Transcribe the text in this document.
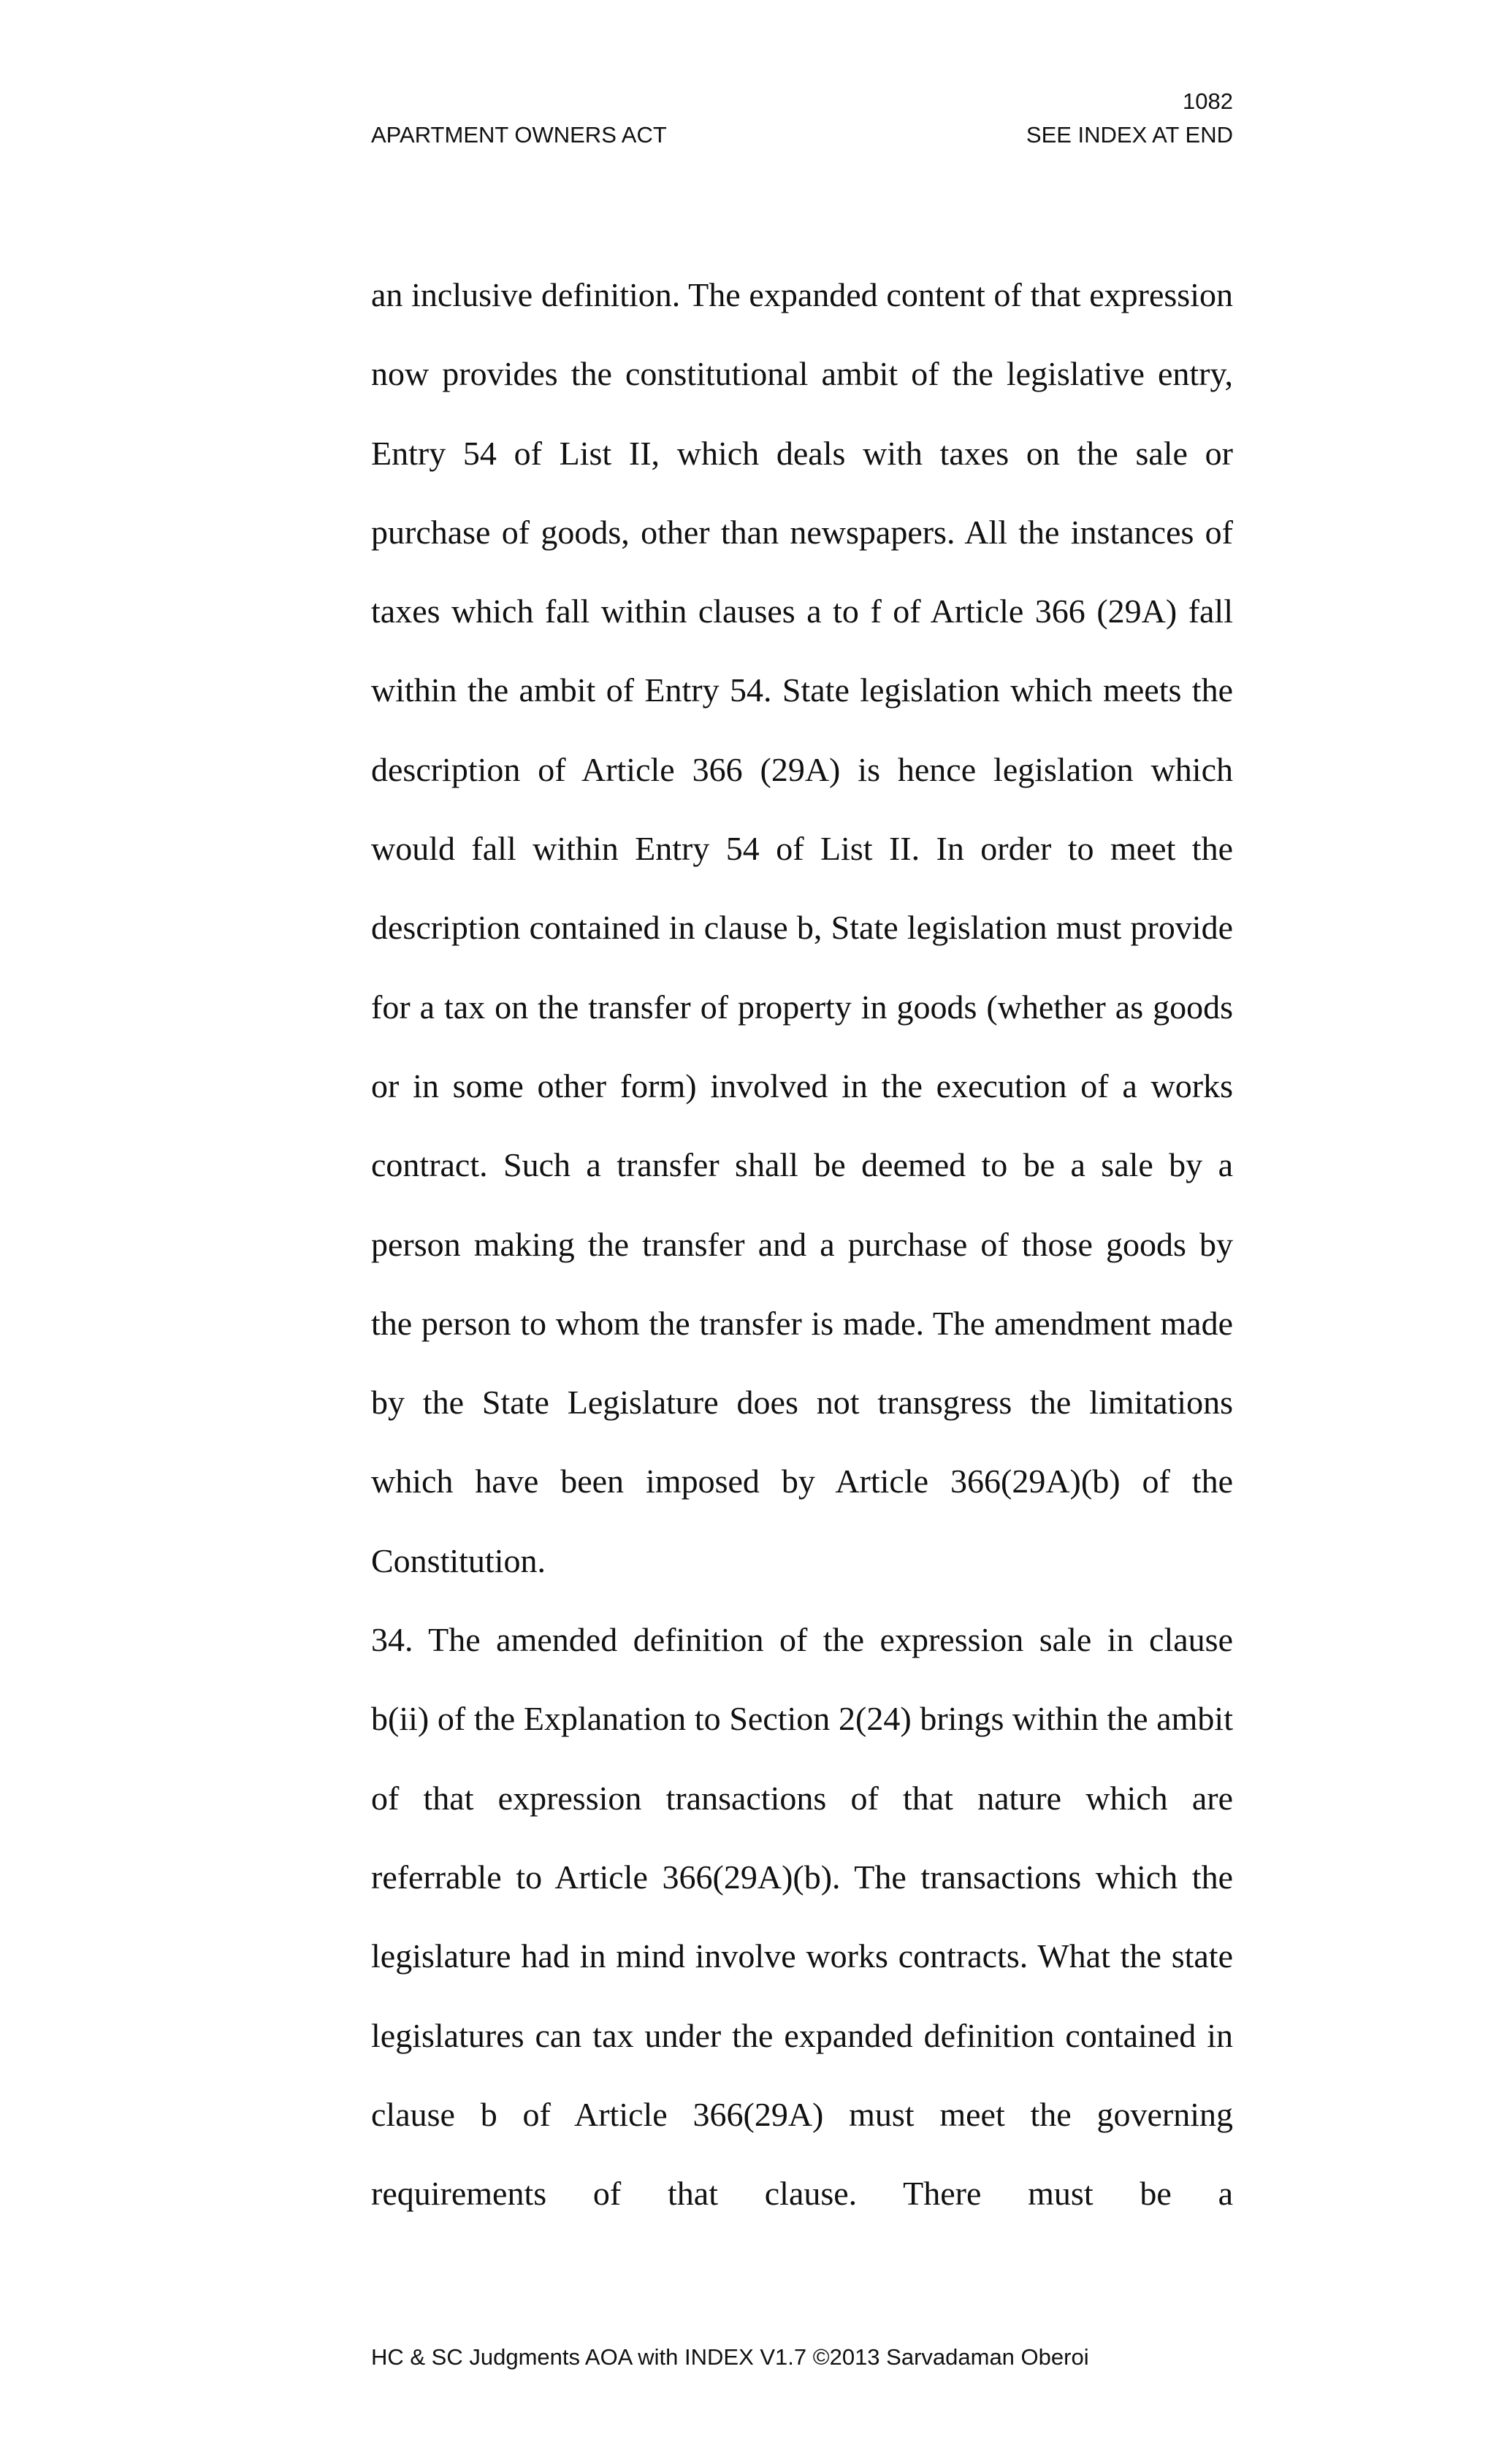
1082
APARTMENT OWNERS ACT	SEE INDEX AT END

an inclusive definition. The expanded content of that expression now provides the constitutional ambit of the legislative entry, Entry 54 of List II, which deals with taxes on the sale or purchase of goods, other than newspapers. All the instances of taxes which fall within clauses a to f of Article 366 (29A) fall within the ambit of Entry 54. State legislation which meets the description of Article 366 (29A) is hence legislation which would fall within Entry 54 of List II. In order to meet the description contained in clause b, State legislation must provide for a tax on the transfer of property in goods (whether as goods or in some other form) involved in the execution of a works contract. Such a transfer shall be deemed to be a sale by a person making the transfer and a purchase of those goods by the person to whom the transfer is made. The amendment made by the State Legislature does not transgress the limitations which have been imposed by Article 366(29A)(b) of the Constitution.

34. The amended definition of the expression sale in clause b(ii) of the Explanation to Section 2(24) brings within the ambit of that expression transactions of that nature which are referrable to Article 366(29A)(b). The transactions which the legislature had in mind involve works contracts. What the state legislatures can tax under the expanded definition contained in clause b of Article 366(29A) must meet the governing requirements of that clause. There must be a

HC & SC Judgments AOA with INDEX V1.7 ©2013 Sarvadaman Oberoi
